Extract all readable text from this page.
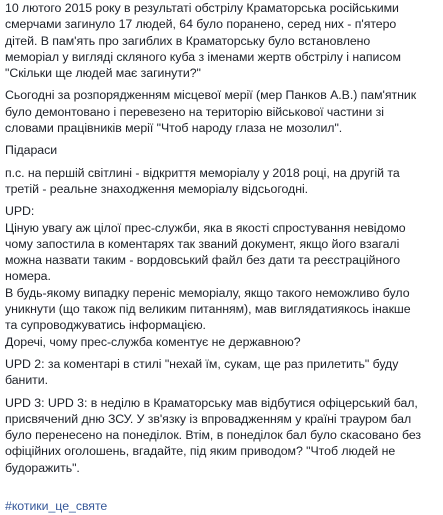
10 лютого 2015 року в результаті обстрілу Краматорська російськими
смерчами загинуло 17 людей, 64 було поранено, серед них - п'ятеро
дітей. В пам'ять про загиблих в Краматорську було встановлено
меморіал у вигляді скляного куба з іменами жертв обстрілу і написом
"Скільки ще людей має загинути?"

Сьогодні за розпорядженням місцевої мерії (мер Панков А.В.) пам'ятник
було демонтовано і перевезено на територію військової частини зі
словами працівників мерії "Чтоб народу глаза не мозолил".

Підараси

п.с. на першій світлині - відкриття меморіалу у 2018 році, на другій та
третій - реальне знаходження меморіалу відсьогодні.

UPD:
Ціную увагу аж цілої прес-служби, яка в якості спростування невідомо
чому запостила в коментарях так званий документ, якщо його взагалі
можна назвати таким - вордовський файл без дати та реєстраційного
номера.
В будь-якому випадку переніс меморіалу, якщо такого неможливо було
уникнути (що також під великим питанням), мав виглядатиякось інакше
та супроводжуватись інформацією.

Доречі, чому прес-служба коментує не державною?

UPD 2: за коментарі в стилі "нехай їм, сукам, ще раз прилетить" буду
банити.

UPD 3: UPD 3: в неділю в Краматорську мав відбутися офіцерський бал,
присвячений дню ЗСУ. У зв'язку із впровадженням у країні трауром бал
було перенесено на понеділок. Втім, в понеділок бал було скасовано без
офіційних оголошень, вгадайте, під яким приводом? "Чтоб людей не
будоражить".

#котики_це_святе
